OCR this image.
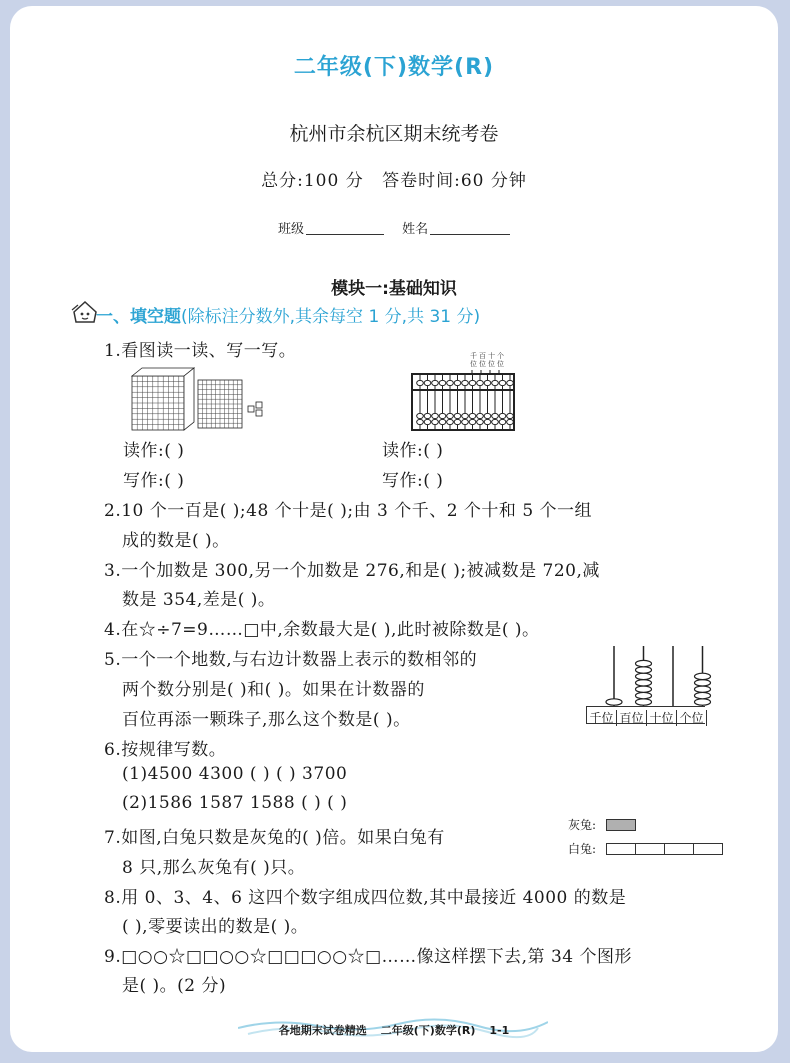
二年级(下)数学(R)
杭州市余杭区期末统考卷
总分:100 分 答卷时间:60 分钟
班级	姓名
模块一:基础知识
一、填空题(除标注分数外,其余每空 1 分,共 31 分)
1.看图读一读、写一写。	千
位
百
位
十
位
个
位
读作:( )
写作:( )
读作:( )
写作:( )
2.10 个一百是( );48 个十是( );由 3 个千、2 个十和 5 个一组
成的数是( )。
3.一个加数是 300,另一个加数是 276,和是( );被减数是 720,减
数是 354,差是( )。
4.在☆÷7=9……□中,余数最大是( ),此时被除数是( )。
5.一个一个地数,与右边计数器上表示的数相邻的
两个数分别是( )和( )。如果在计数器的
百位再添一颗珠子,那么这个数是( )。	千位 百位 十位 个位
6.按规律写数。
(1)4500 4300 ( ) ( ) 3700
(2)1586 1587 1588 ( ) ( )
7.如图,白兔只数是灰兔的( )倍。如果白兔有
8 只,那么灰兔有( )只。
灰兔:
白兔:
8.用 0、3、4、6 这四个数字组成四位数,其中最接近 4000 的数是
( ),零要读出的数是( )。
9.□○○☆□□○○☆□□□○○☆□……像这样摆下去,第 34 个图形
是( )。(2 分)
各地期末试卷精选 二年级(下)数学(R) 1-1
